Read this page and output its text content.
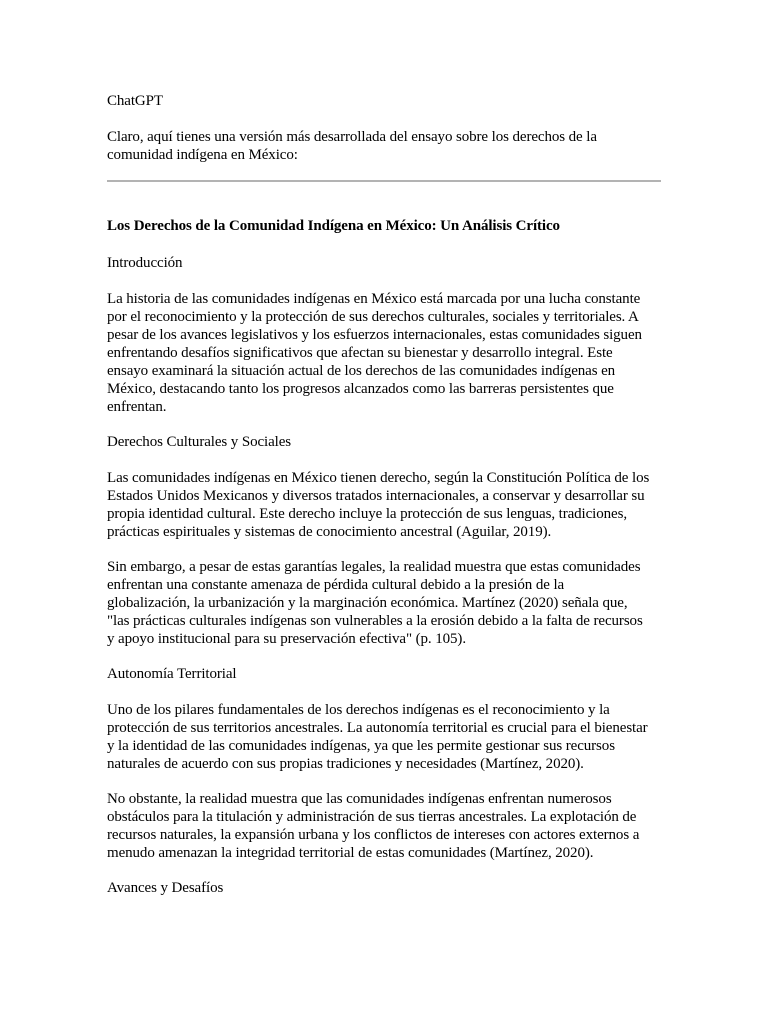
ChatGPT
Claro, aquí tienes una versión más desarrollada del ensayo sobre los derechos de la
comunidad indígena en México:
Los Derechos de la Comunidad Indígena en México: Un Análisis Crítico
Introducción
La historia de las comunidades indígenas en México está marcada por una lucha constante
por el reconocimiento y la protección de sus derechos culturales, sociales y territoriales. A
pesar de los avances legislativos y los esfuerzos internacionales, estas comunidades siguen
enfrentando desafíos significativos que afectan su bienestar y desarrollo integral. Este
ensayo examinará la situación actual de los derechos de las comunidades indígenas en
México, destacando tanto los progresos alcanzados como las barreras persistentes que
enfrentan.
Derechos Culturales y Sociales
Las comunidades indígenas en México tienen derecho, según la Constitución Política de los
Estados Unidos Mexicanos y diversos tratados internacionales, a conservar y desarrollar su
propia identidad cultural. Este derecho incluye la protección de sus lenguas, tradiciones,
prácticas espirituales y sistemas de conocimiento ancestral (Aguilar, 2019).
Sin embargo, a pesar de estas garantías legales, la realidad muestra que estas comunidades
enfrentan una constante amenaza de pérdida cultural debido a la presión de la
globalización, la urbanización y la marginación económica. Martínez (2020) señala que,
"las prácticas culturales indígenas son vulnerables a la erosión debido a la falta de recursos
y apoyo institucional para su preservación efectiva" (p. 105).
Autonomía Territorial
Uno de los pilares fundamentales de los derechos indígenas es el reconocimiento y la
protección de sus territorios ancestrales. La autonomía territorial es crucial para el bienestar
y la identidad de las comunidades indígenas, ya que les permite gestionar sus recursos
naturales de acuerdo con sus propias tradiciones y necesidades (Martínez, 2020).
No obstante, la realidad muestra que las comunidades indígenas enfrentan numerosos
obstáculos para la titulación y administración de sus tierras ancestrales. La explotación de
recursos naturales, la expansión urbana y los conflictos de intereses con actores externos a
menudo amenazan la integridad territorial de estas comunidades (Martínez, 2020).
Avances y Desafíos
